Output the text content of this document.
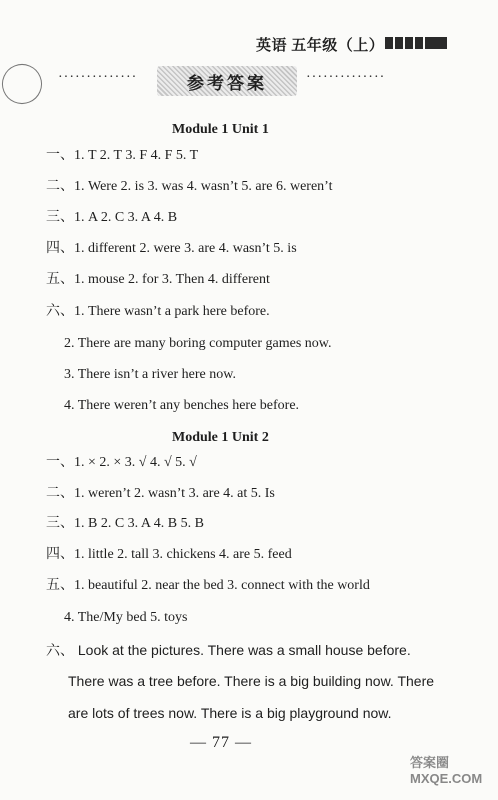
英语 五年级（上）
··············	参考答案	··············
Module 1 Unit 1
一、1. T 2. T 3. F 4. F 5. T
二、1. Were 2. is 3. was 4. wasn’t 5. are 6. weren’t
三、1. A 2. C 3. A 4. B
四、1. different 2. were 3. are 4. wasn’t 5. is
五、1. mouse 2. for 3. Then 4. different
六、1. There wasn’t a park here before.
2. There are many boring computer games now.
3. There isn’t a river here now.
4. There weren’t any benches here before.
Module 1 Unit 2
一、1. × 2. × 3. √ 4. √ 5. √
二、1. weren’t 2. wasn’t 3. are 4. at 5. Is
三、1. B 2. C 3. A 4. B 5. B
四、1. little 2. tall 3. chickens 4. are 5. feed
五、1. beautiful 2. near the bed 3. connect with the world
4. The/My bed 5. toys
六、 Look at the pictures. There was a small house before.
There was a tree before. There is a big building now. There
are lots of trees now. There is a big playground now.
— 77 —
答案圈
MXQE.COM
